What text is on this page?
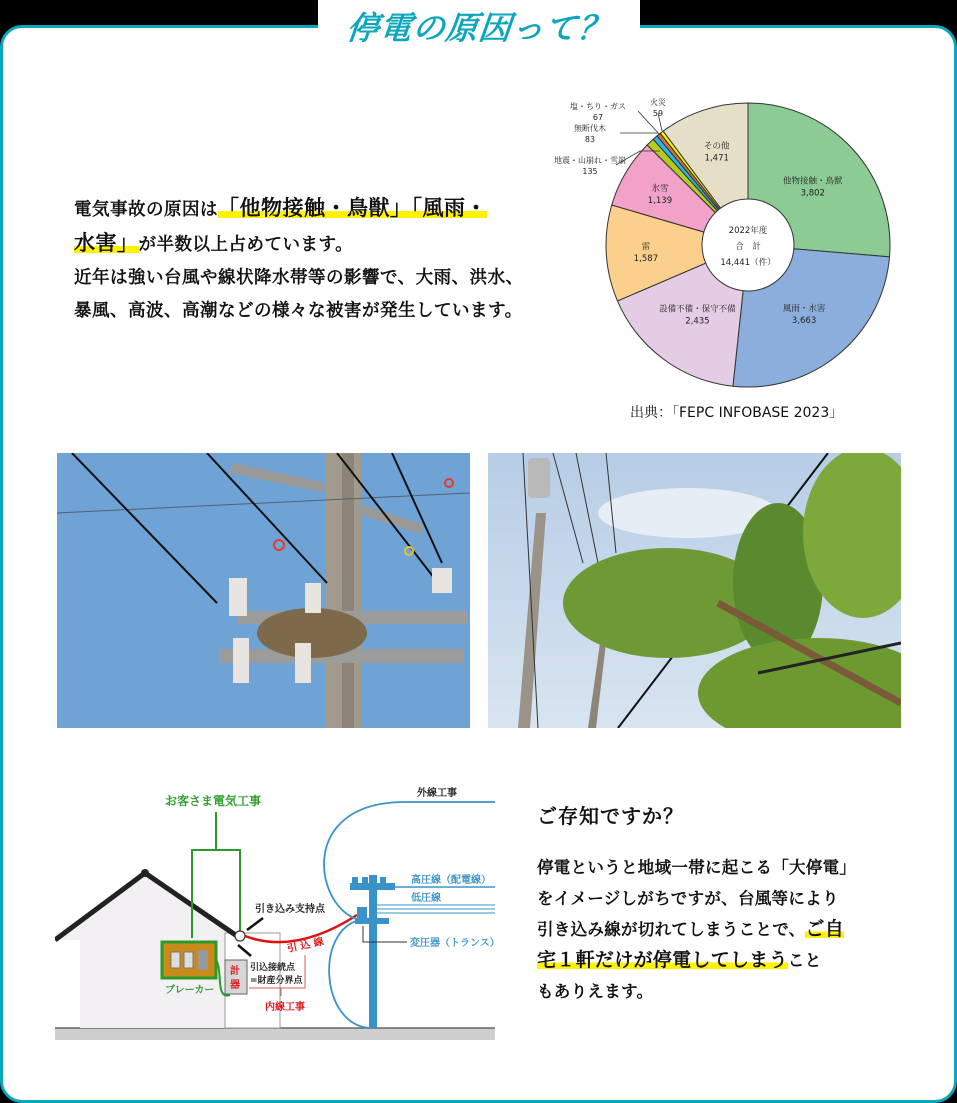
停電の原因って？
電気事故の原因は「他物接触・鳥獣」「風雨・
水害」が半数以上占めています。
近年は強い台風や線状降水帯等の影響で、大雨、洪水、暴風、高波、高潮などの様々な被害が発生しています。
2022年度
合　計
14,441（件）
他物接触・鳥獣
3,802
風雨・水害
3,663
設備不備・保守不備
2,435
雷
1,587
氷雪
1,139
その他
1,471
地震・山崩れ・雪崩
135
無断伐木
83
塩・ちり・ガス
67
火災
59
出典：「FEPC INFOBASE 2023」
お客さま電気工事
ブレーカー
計
器
引き込み支持点
引込接続点
=財産分界点
引 込 線
内線工事
外線工事
高圧線（配電線）
低圧線
変圧器（トランス）
ご存知ですか？
停電というと地域一帯に起こる「大停電」
をイメージしがちですが、台風等により
引き込み線が切れてしまうことで、ご自
宅１軒だけが停電してしまうこと
もありえます。
